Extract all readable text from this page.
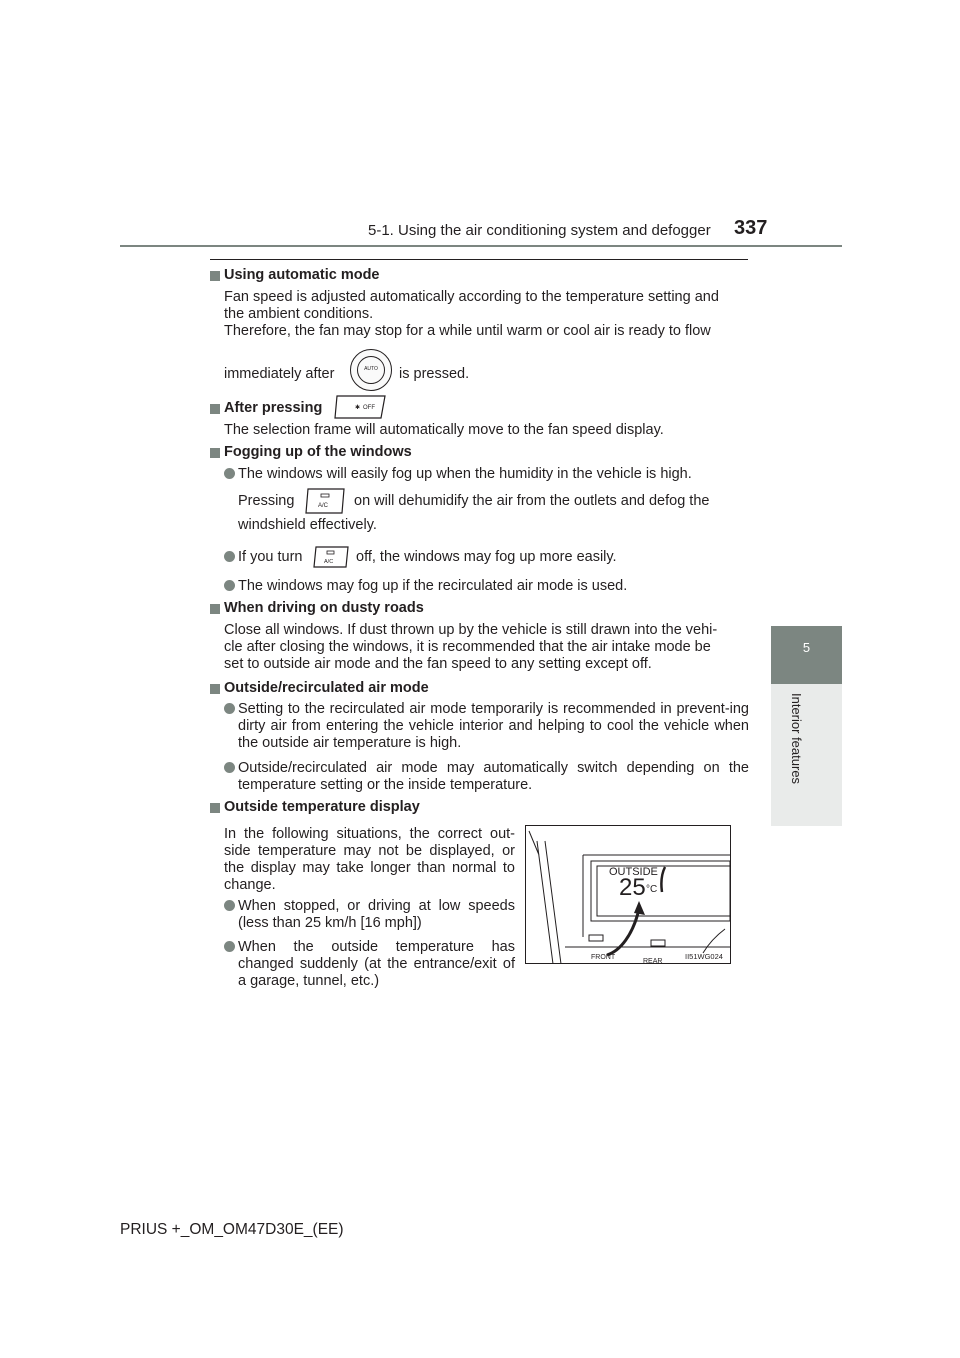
5-1. Using the air conditioning system and defogger 337
5
Interior features

Using automatic mode

Fan speed is adjusted automatically according to the temperature setting and

the ambient conditions.

Therefore, the fan may stop for a while until warm or cool air is ready to flow

immediately after	AUTO	is pressed.

After pressing	OFF
✱
The selection frame will automatically move to the fan speed display.

Fogging up of the windows

The windows will easily fog up when the humidity in the vehicle is high.

Pressing	A/C on will dehumidify the air from the outlets and defog the
windshield effectively.

If you turn	A/C off, the windows may fog up more easily.

The windows may fog up if the recirculated air mode is used.

When driving on dusty roads

Close all windows. If dust thrown up by the vehicle is still drawn into the vehi-

cle after closing the windows, it is recommended that the air intake mode be

set to outside air mode and the fan speed to any setting except off.

Outside/recirculated air mode

Setting to the recirculated air mode temporarily is recommended in prevent-ing dirty air from entering the vehicle interior and helping to cool the vehicle when the outside air temperature is high.

Outside/recirculated air mode may automatically switch depending on the temperature setting or the inside temperature.

Outside temperature display

In the following situations, the correct out-side temperature may not be displayed, or the display may take longer than normal to change.

When stopped, or driving at low speeds (less than 25 km/h [16 mph])

When the outside temperature has changed suddenly (at the entrance/exit of a garage, tunnel, etc.)

OUTSIDE
25 °C
FRONT
REAR
II51WG024
PRIUS +_OM_OM47D30E_(EE)
